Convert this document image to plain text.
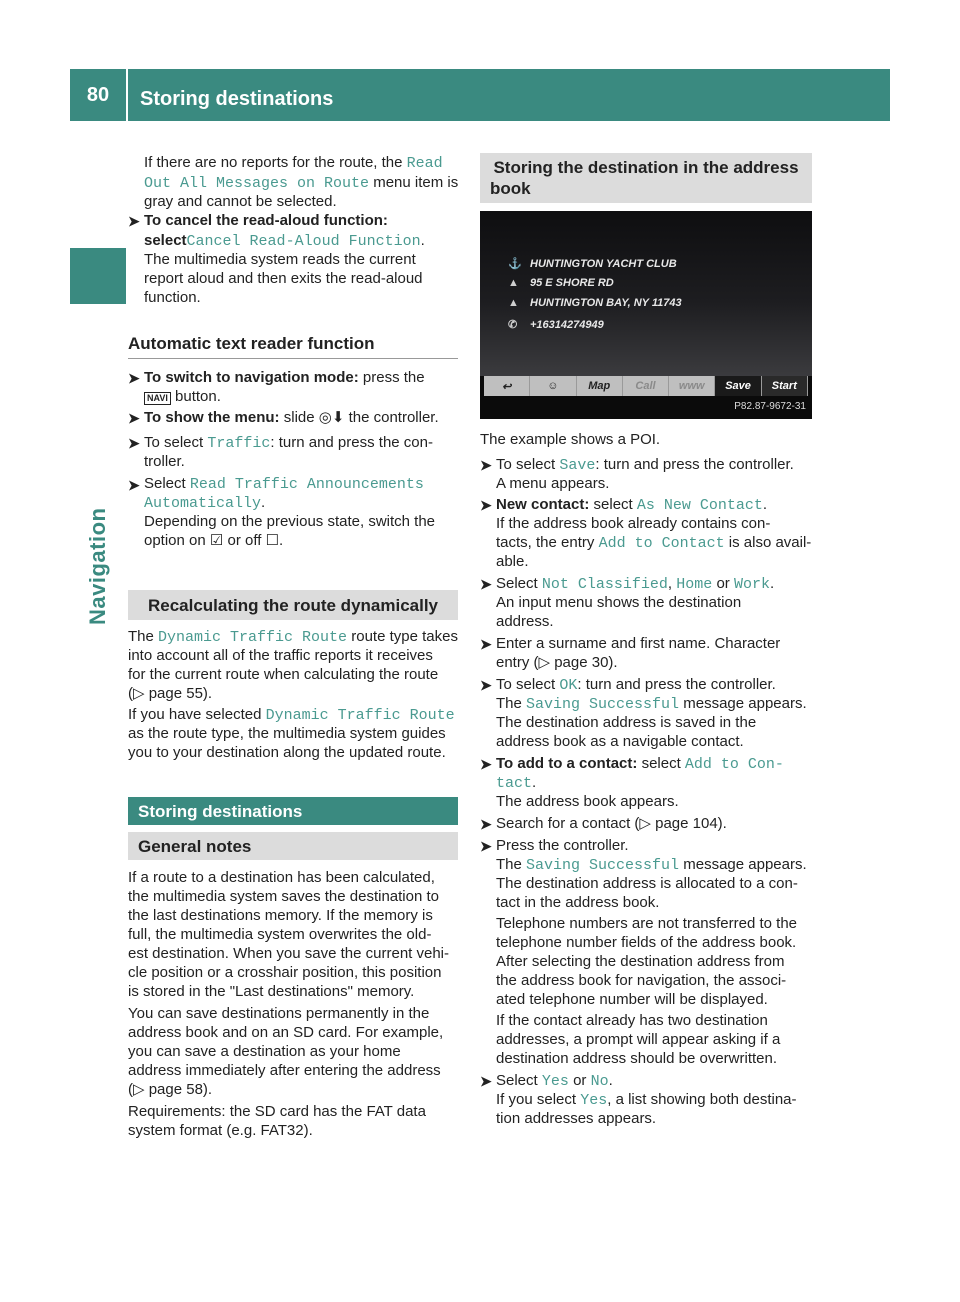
80	Storing destinations
Navigation

If there are no reports for the route, the Read

Out All Messages on Route menu item is

gray and cannot be selected.

➤ To cancel the read-aloud function:

selectCancel Read-Aloud Function.

The multimedia system reads the current

report aloud and then exits the read-aloud

function.

Automatic text reader function

➤ To switch to navigation mode: press the

NAVI button.

➤ To show the menu: slide ◎⬇ the controller.

➤ To select Traffic: turn and press the con-

troller.

➤ Select Read Traffic Announcements

Automatically.

Depending on the previous state, switch the

option on ☑ or off ☐.

Recalculating the route dynamically

The Dynamic Traffic Route route type takes

into account all of the traffic reports it receives

for the current route when calculating the route

(▷ page 55).

If you have selected Dynamic Traffic Route

as the route type, the multimedia system guides

you to your destination along the updated route.

Storing destinations
General notes

If a route to a destination has been calculated,

the multimedia system saves the destination to

the last destinations memory. If the memory is

full, the multimedia system overwrites the old-

est destination. When you save the current vehi-

cle position or a crosshair position, this position

is stored in the "Last destinations" memory.

You can save destinations permanently in the

address book and on an SD card. For example,

you can save a destination as your home

address immediately after entering the address

(▷ page 58).

Requirements: the SD card has the FAT data

system format (e.g. FAT32).

Storing the destination in the address
book
⚓ HUNTINGTON YACHT CLUB
▲ 95 E SHORE RD
▲ HUNTINGTON BAY, NY 11743
✆ +16314274949
↩	☺	Map	Call	www	Save	Start
P82.87-9672-31

The example shows a POI.

➤ To select Save: turn and press the controller.

A menu appears.

➤ New contact: select As New Contact.

If the address book already contains con-

tacts, the entry Add to Contact is also avail-

able.

➤ Select Not Classified, Home or Work.

An input menu shows the destination

address.

➤ Enter a surname and first name. Character

entry (▷ page 30).

➤ To select OK: turn and press the controller.

The Saving Successful message appears.

The destination address is saved in the

address book as a navigable contact.

➤ To add to a contact: select Add to Con‑

tact.

The address book appears.

➤ Search for a contact (▷ page 104).

➤ Press the controller.

The Saving Successful message appears.

The destination address is allocated to a con-

tact in the address book.

Telephone numbers are not transferred to the

telephone number fields of the address book.

After selecting the destination address from

the address book for navigation, the associ-

ated telephone number will be displayed.

If the contact already has two destination

addresses, a prompt will appear asking if a

destination address should be overwritten.

➤ Select Yes or No.

If you select Yes, a list showing both destina-

tion addresses appears.
